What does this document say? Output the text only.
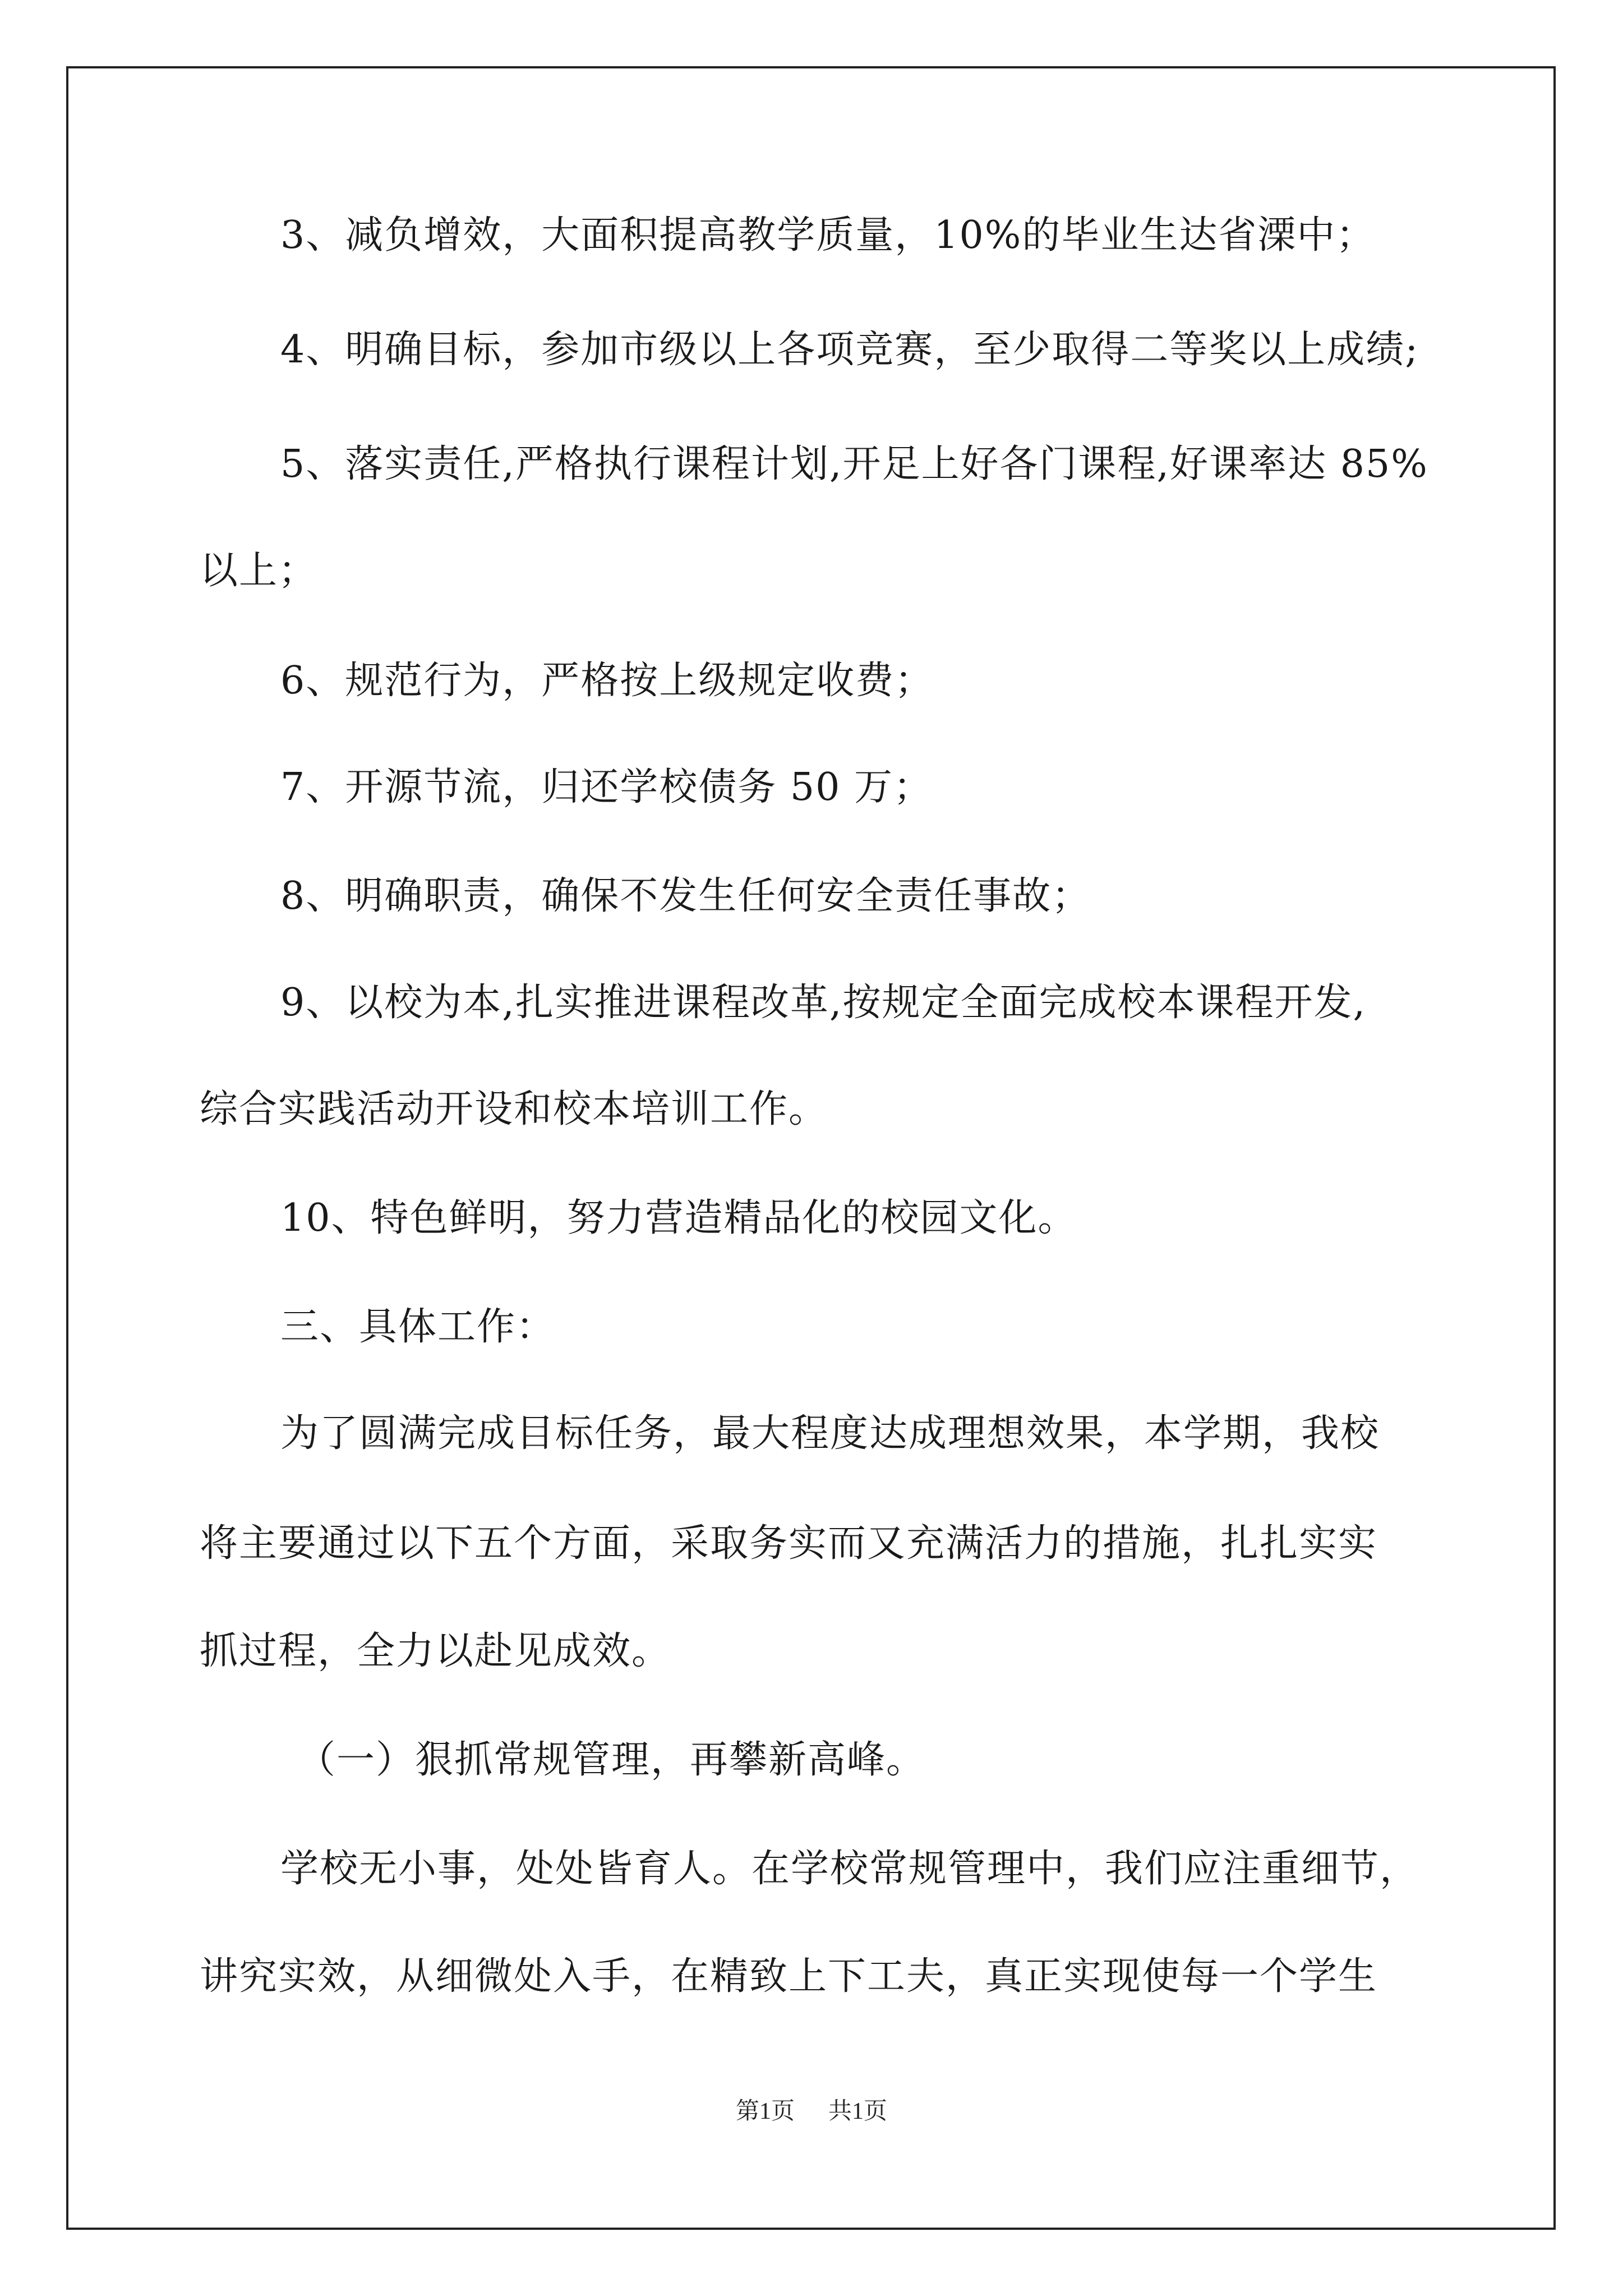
3、减负增效，大面积提高教学质量，10%的毕业生达省溧中；
4、明确目标，参加市级以上各项竞赛，至少取得二等奖以上成绩;
5、落实责任,严格执行课程计划,开足上好各门课程,好课率达 85%
以上；
6、规范行为，严格按上级规定收费；
7、开源节流，归还学校债务 50 万；
8、明确职责，确保不发生任何安全责任事故；
9、以校为本,扎实推进课程改革,按规定全面完成校本课程开发,
综合实践活动开设和校本培训工作。
10、特色鲜明，努力营造精品化的校园文化。
三、具体工作：
为了圆满完成目标任务，最大程度达成理想效果，本学期，我校
将主要通过以下五个方面，采取务实而又充满活力的措施，扎扎实实
抓过程，全力以赴见成效。
（一）狠抓常规管理，再攀新高峰。
学校无小事，处处皆育人。在学校常规管理中，我们应注重细节，
讲究实效，从细微处入手，在精致上下工夫，真正实现使每一个学生
第1页 共1页
